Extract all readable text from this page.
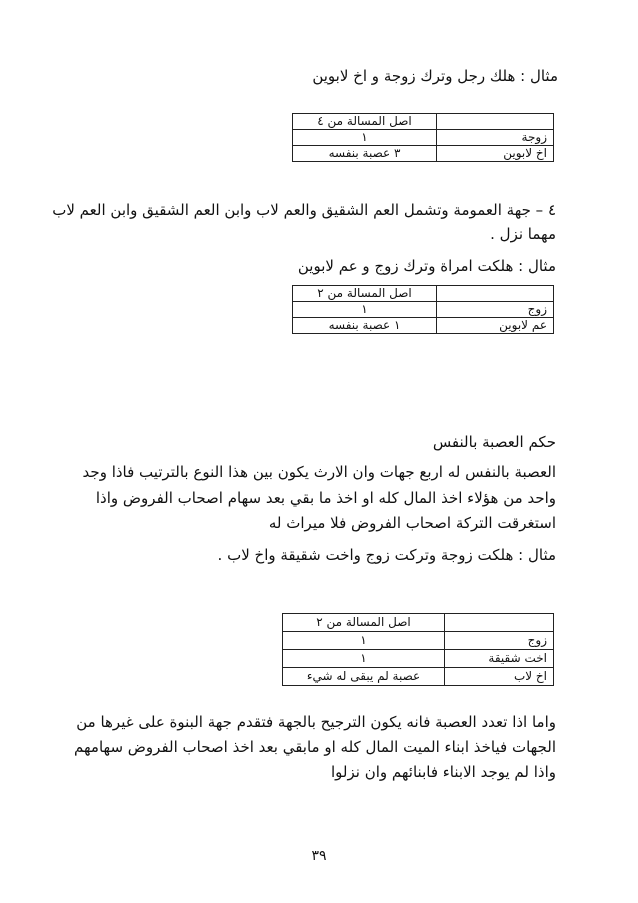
مثال : هلك رجل وترك زوجة و اخ لابوين
	اصل المسالة من ٤
زوجة	١
اخ لابوين	٣ عصبة بنفسه
٤ – جهة العمومة وتشمل العم الشقيق والعم لاب وابن العم الشقيق وابن العم لاب
مهما نزل .
مثال : هلكت امراة وترك زوج و عم لابوين
	اصل المسالة من ٢
زوج	١
عم لابوين	١ عصبة بنفسه
حكم العصبة بالنفس
العصبة بالنفس له اربع جهات وان الارث يكون بين هذا النوع بالترتيب فاذا وجد
واحد من هؤلاء اخذ المال كله او اخذ ما بقي بعد سهام اصحاب الفروض واذا
استغرقت التركة اصحاب الفروض فلا ميراث له
مثال : هلكت زوجة وتركت زوج واخت شقيقة واخ لاب .
	اصل المسالة من ٢
زوج	١
اخت شقيقة	١
اخ لاب	عصبة لم يبقى له شيء
واما اذا تعدد العصبة فانه يكون الترجيح بالجهة فتقدم جهة البنوة على غيرها من
الجهات فياخذ ابناء الميت المال كله او مابقي بعد اخذ اصحاب الفروض سهامهم
واذا لم يوجد الابناء فابنائهم وان نزلوا
٣٩
